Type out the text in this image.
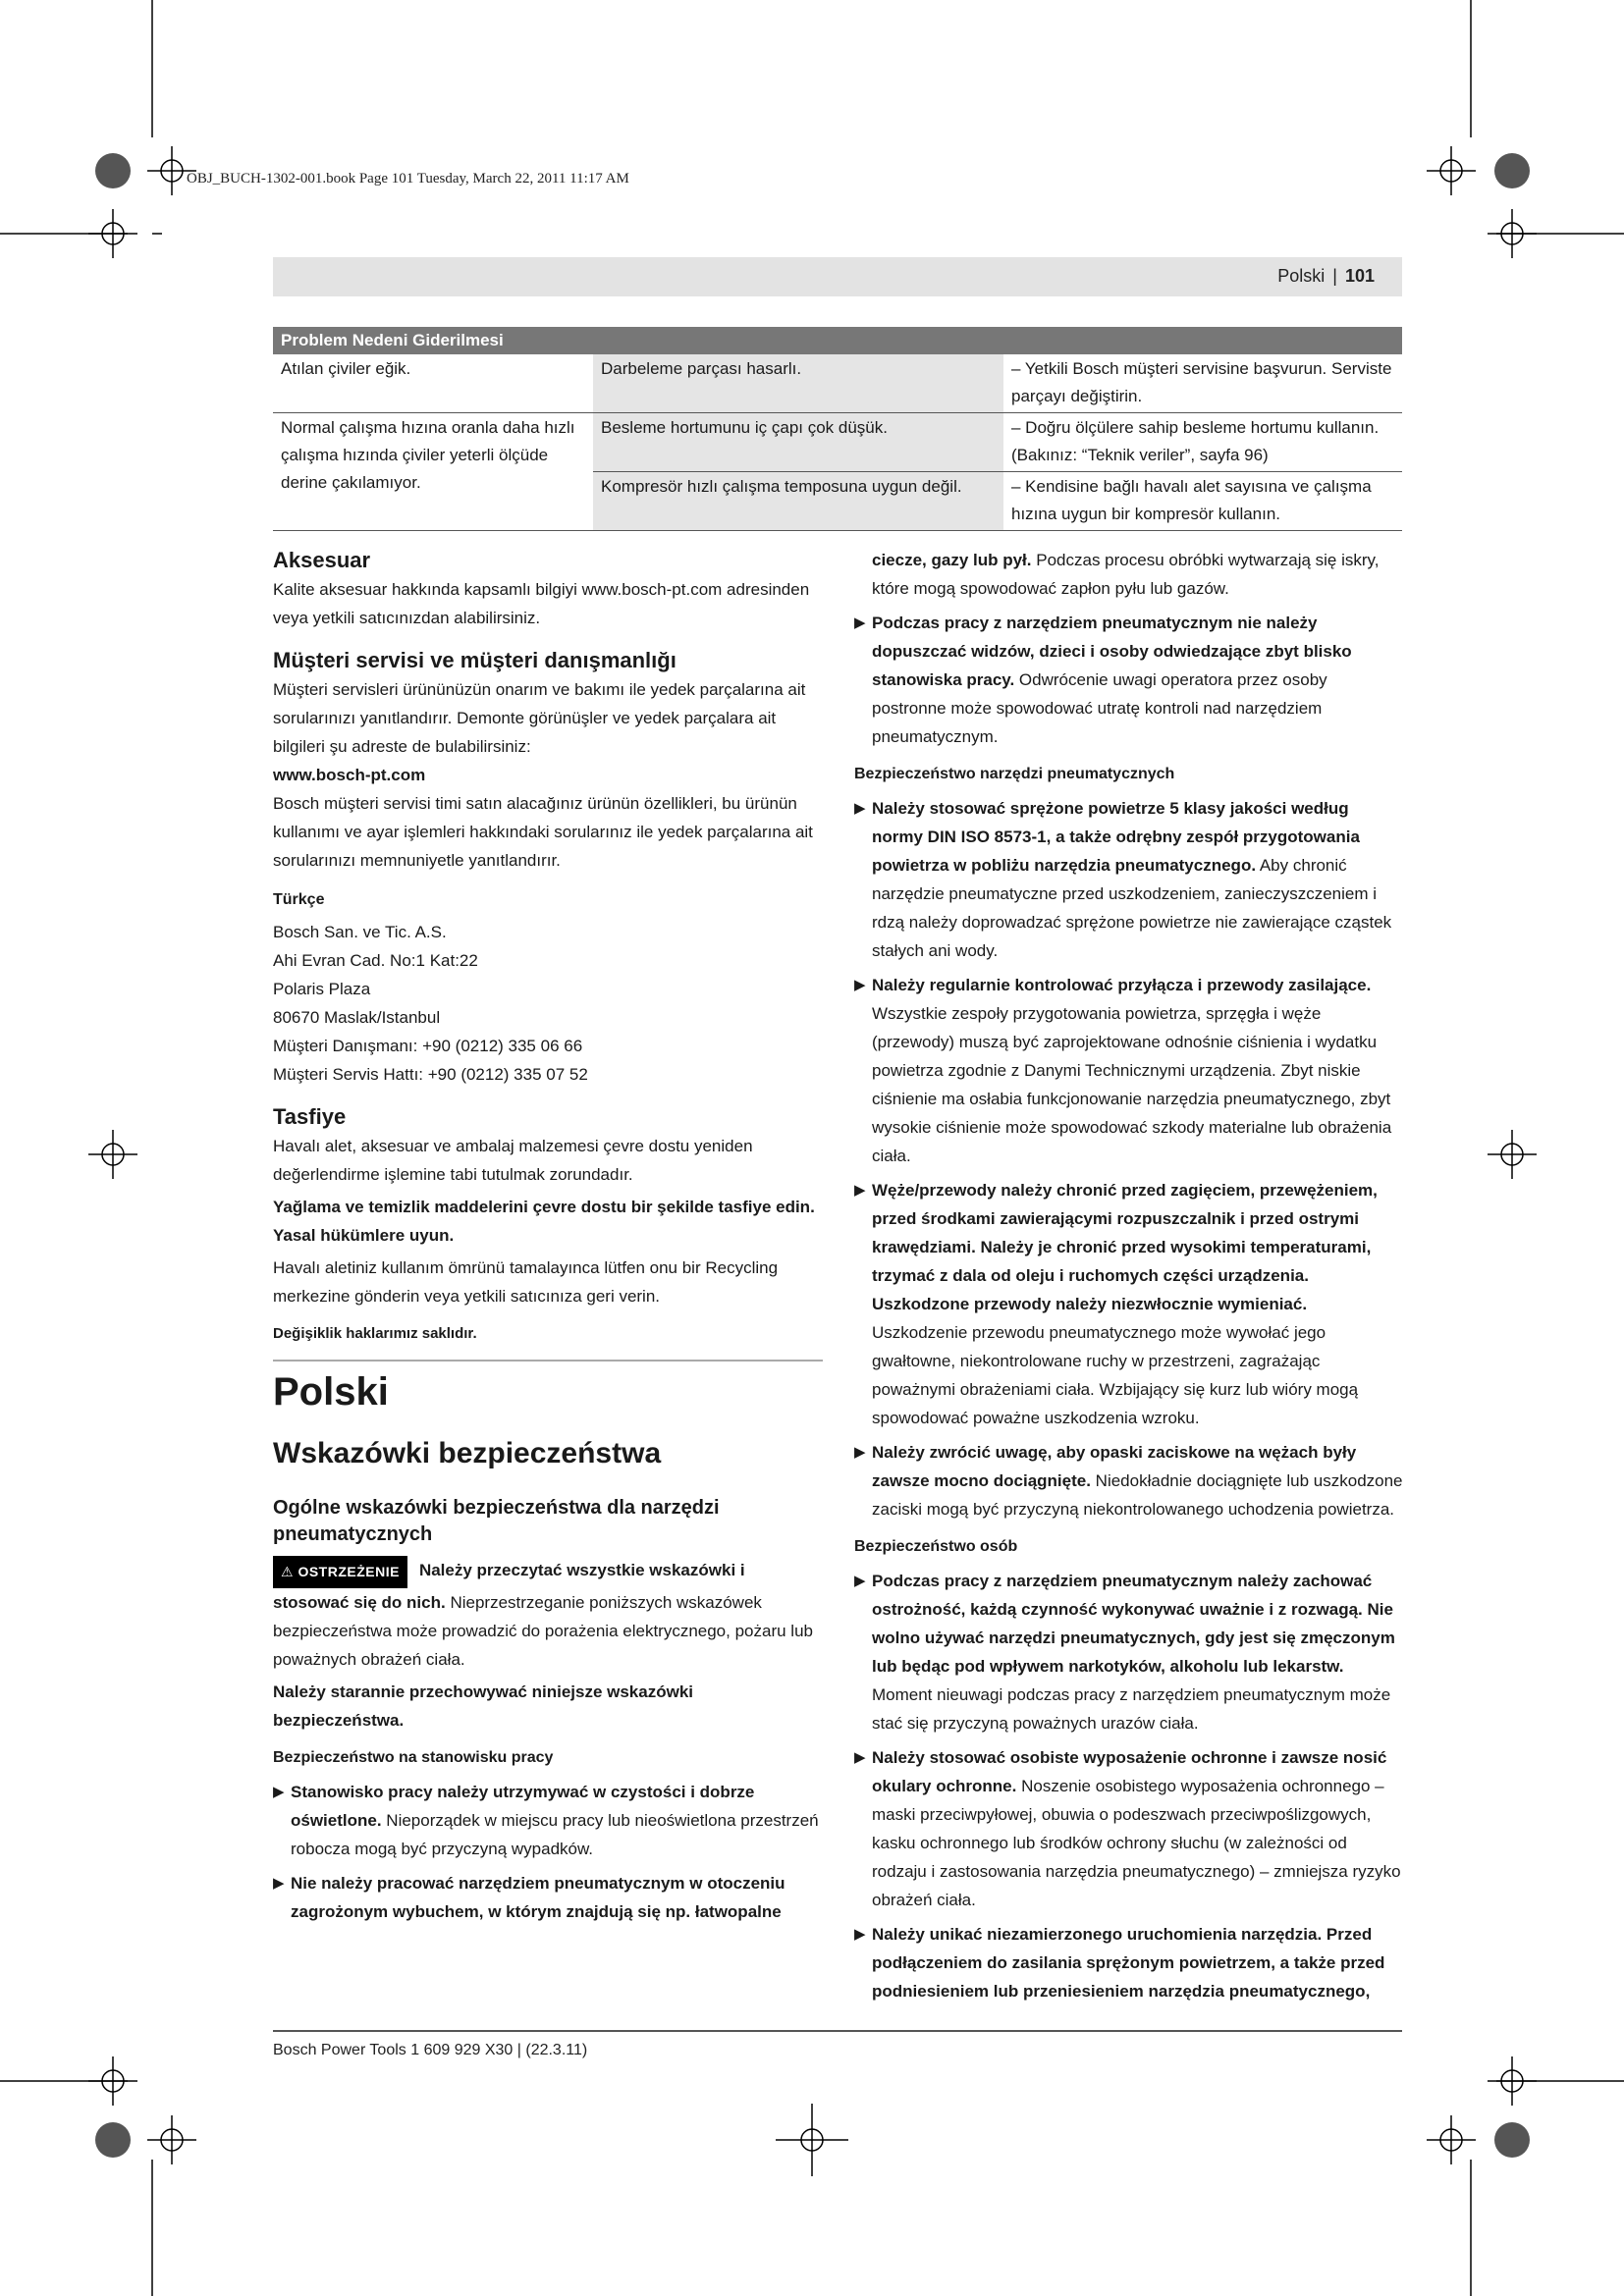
OBJ_BUCH-1302-001.book Page 101 Tuesday, March 22, 2011 11:17 AM
Polski | 101
Problem Nedeni Giderilmesi		
Atılan çiviler eğik.	Darbeleme parçası hasarlı.	– Yetkili Bosch müşteri servisine başvurun. Serviste parçayı değiştirin.
Normal çalışma hızına oranla daha hızlı çalışma hızında çiviler yeterli ölçüde derine çakılamıyor.	Besleme hortumunu iç çapı çok düşük.	– Doğru ölçülere sahip besleme hortumu kullanın. (Bakınız: “Teknik veriler”, sayfa 96)
	Kompresör hızlı çalışma temposuna uygun değil.	– Kendisine bağlı havalı alet sayısına ve çalışma hızına uygun bir kompresör kullanın.
Aksesuar

Kalite aksesuar hakkında kapsamlı bilgiyi www.bosch-pt.com adresinden veya yetkili satıcınızdan alabilirsiniz.

Müşteri servisi ve müşteri danışmanlığı

Müşteri servisleri ürününüzün onarım ve bakımı ile yedek parçalarına ait sorularınızı yanıtlandırır. Demonte görünüşler ve yedek parçalara ait bilgileri şu adreste de bulabilirsiniz:

www.bosch-pt.com

Bosch müşteri servisi timi satın alacağınız ürünün özellikleri, bu ürünün kullanımı ve ayar işlemleri hakkındaki sorularınız ile yedek parçalarına ait sorularınızı memnuniyetle yanıtlandırır.

Türkçe

Bosch San. ve Tic. A.S.

Ahi Evran Cad. No:1 Kat:22

Polaris Plaza

80670 Maslak/Istanbul

Müşteri Danışmanı: +90 (0212) 335 06 66

Müşteri Servis Hattı: +90 (0212) 335 07 52

Tasfiye

Havalı alet, aksesuar ve ambalaj malzemesi çevre dostu yeniden değerlendirme işlemine tabi tutulmak zorundadır.

Yağlama ve temizlik maddelerini çevre dostu bir şekilde tasfiye edin. Yasal hükümlere uyun.

Havalı aletiniz kullanım ömrünü tamalayınca lütfen onu bir Recycling merkezine gönderin veya yetkili satıcınıza geri verin.

Değişiklik haklarımız saklıdır.

Polski

Wskazówki bezpieczeństwa

Ogólne wskazówki bezpieczeństwa dla narzędzi pneumatycznych

⚠ OSTRZEŻENIE Należy przeczytać wszystkie wskazówki i stosować się do nich. Nieprzestrzeganie poniższych wskazówek bezpieczeństwa może prowadzić do porażenia elektrycznego, pożaru lub poważnych obrażeń ciała.

Należy starannie przechowywać niniejsze wskazówki bezpieczeństwa.

Bezpieczeństwo na stanowisku pracy

▶ Stanowisko pracy należy utrzymywać w czystości i dobrze oświetlone. Nieporządek w miejscu pracy lub nieoświetlona przestrzeń robocza mogą być przyczyną wypadków.
▶ Nie należy pracować narzędziem pneumatycznym w otoczeniu zagrożonym wybuchem, w którym znajdują się np. łatwopalne

ciecze, gazy lub pył. Podczas procesu obróbki wytwarzają się iskry, które mogą spowodować zapłon pyłu lub gazów.

▶ Podczas pracy z narzędziem pneumatycznym nie należy dopuszczać widzów, dzieci i osoby odwiedzające zbyt blisko stanowiska pracy. Odwrócenie uwagi operatora przez osoby postronne może spowodować utratę kontroli nad narzędziem pneumatycznym.

Bezpieczeństwo narzędzi pneumatycznych

▶ Należy stosować sprężone powietrze 5 klasy jakości według normy DIN ISO 8573-1, a także odrębny zespół przygotowania powietrza w pobliżu narzędzia pneumatycznego. Aby chronić narzędzie pneumatyczne przed uszkodzeniem, zanieczyszczeniem i rdzą należy doprowadzać sprężone powietrze nie zawierające cząstek stałych ani wody.
▶ Należy regularnie kontrolować przyłącza i przewody zasilające. Wszystkie zespoły przygotowania powietrza, sprzęgła i węże (przewody) muszą być zaprojektowane odnośnie ciśnienia i wydatku powietrza zgodnie z Danymi Technicznymi urządzenia. Zbyt niskie ciśnienie ma osłabia funkcjonowanie narzędzia pneumatycznego, zbyt wysokie ciśnienie może spowodować szkody materialne lub obrażenia ciała.
▶ Węże/przewody należy chronić przed zagięciem, przewężeniem, przed środkami zawierającymi rozpuszczalnik i przed ostrymi krawędziami. Należy je chronić przed wysokimi temperaturami, trzymać z dala od oleju i ruchomych części urządzenia. Uszkodzone przewody należy niezwłocznie wymieniać. Uszkodzenie przewodu pneumatycznego może wywołać jego gwałtowne, niekontrolowane ruchy w przestrzeni, zagrażając poważnymi obrażeniami ciała. Wzbijający się kurz lub wióry mogą spowodować poważne uszkodzenia wzroku.
▶ Należy zwrócić uwagę, aby opaski zaciskowe na wężach były zawsze mocno dociągnięte. Niedokładnie dociągnięte lub uszkodzone zaciski mogą być przyczyną niekontrolowanego uchodzenia powietrza.

Bezpieczeństwo osób

▶ Podczas pracy z narzędziem pneumatycznym należy zachować ostrożność, każdą czynność wykonywać uważnie i z rozwagą. Nie wolno używać narzędzi pneumatycznych, gdy jest się zmęczonym lub będąc pod wpływem narkotyków, alkoholu lub lekarstw. Moment nieuwagi podczas pracy z narzędziem pneumatycznym może stać się przyczyną poważnych urazów ciała.
▶ Należy stosować osobiste wyposażenie ochronne i zawsze nosić okulary ochronne. Noszenie osobistego wyposażenia ochronnego – maski przeciwpyłowej, obuwia o podeszwach przeciwpoślizgowych, kasku ochronnego lub środków ochrony słuchu (w zależności od rodzaju i zastosowania narzędzia pneumatycznego) – zmniejsza ryzyko obrażeń ciała.
▶ Należy unikać niezamierzonego uruchomienia narzędzia. Przed podłączeniem do zasilania sprężonym powietrzem, a także przed podniesieniem lub przeniesieniem narzędzia pneumatycznego,
Bosch Power Tools 1 609 929 X30 | (22.3.11)
